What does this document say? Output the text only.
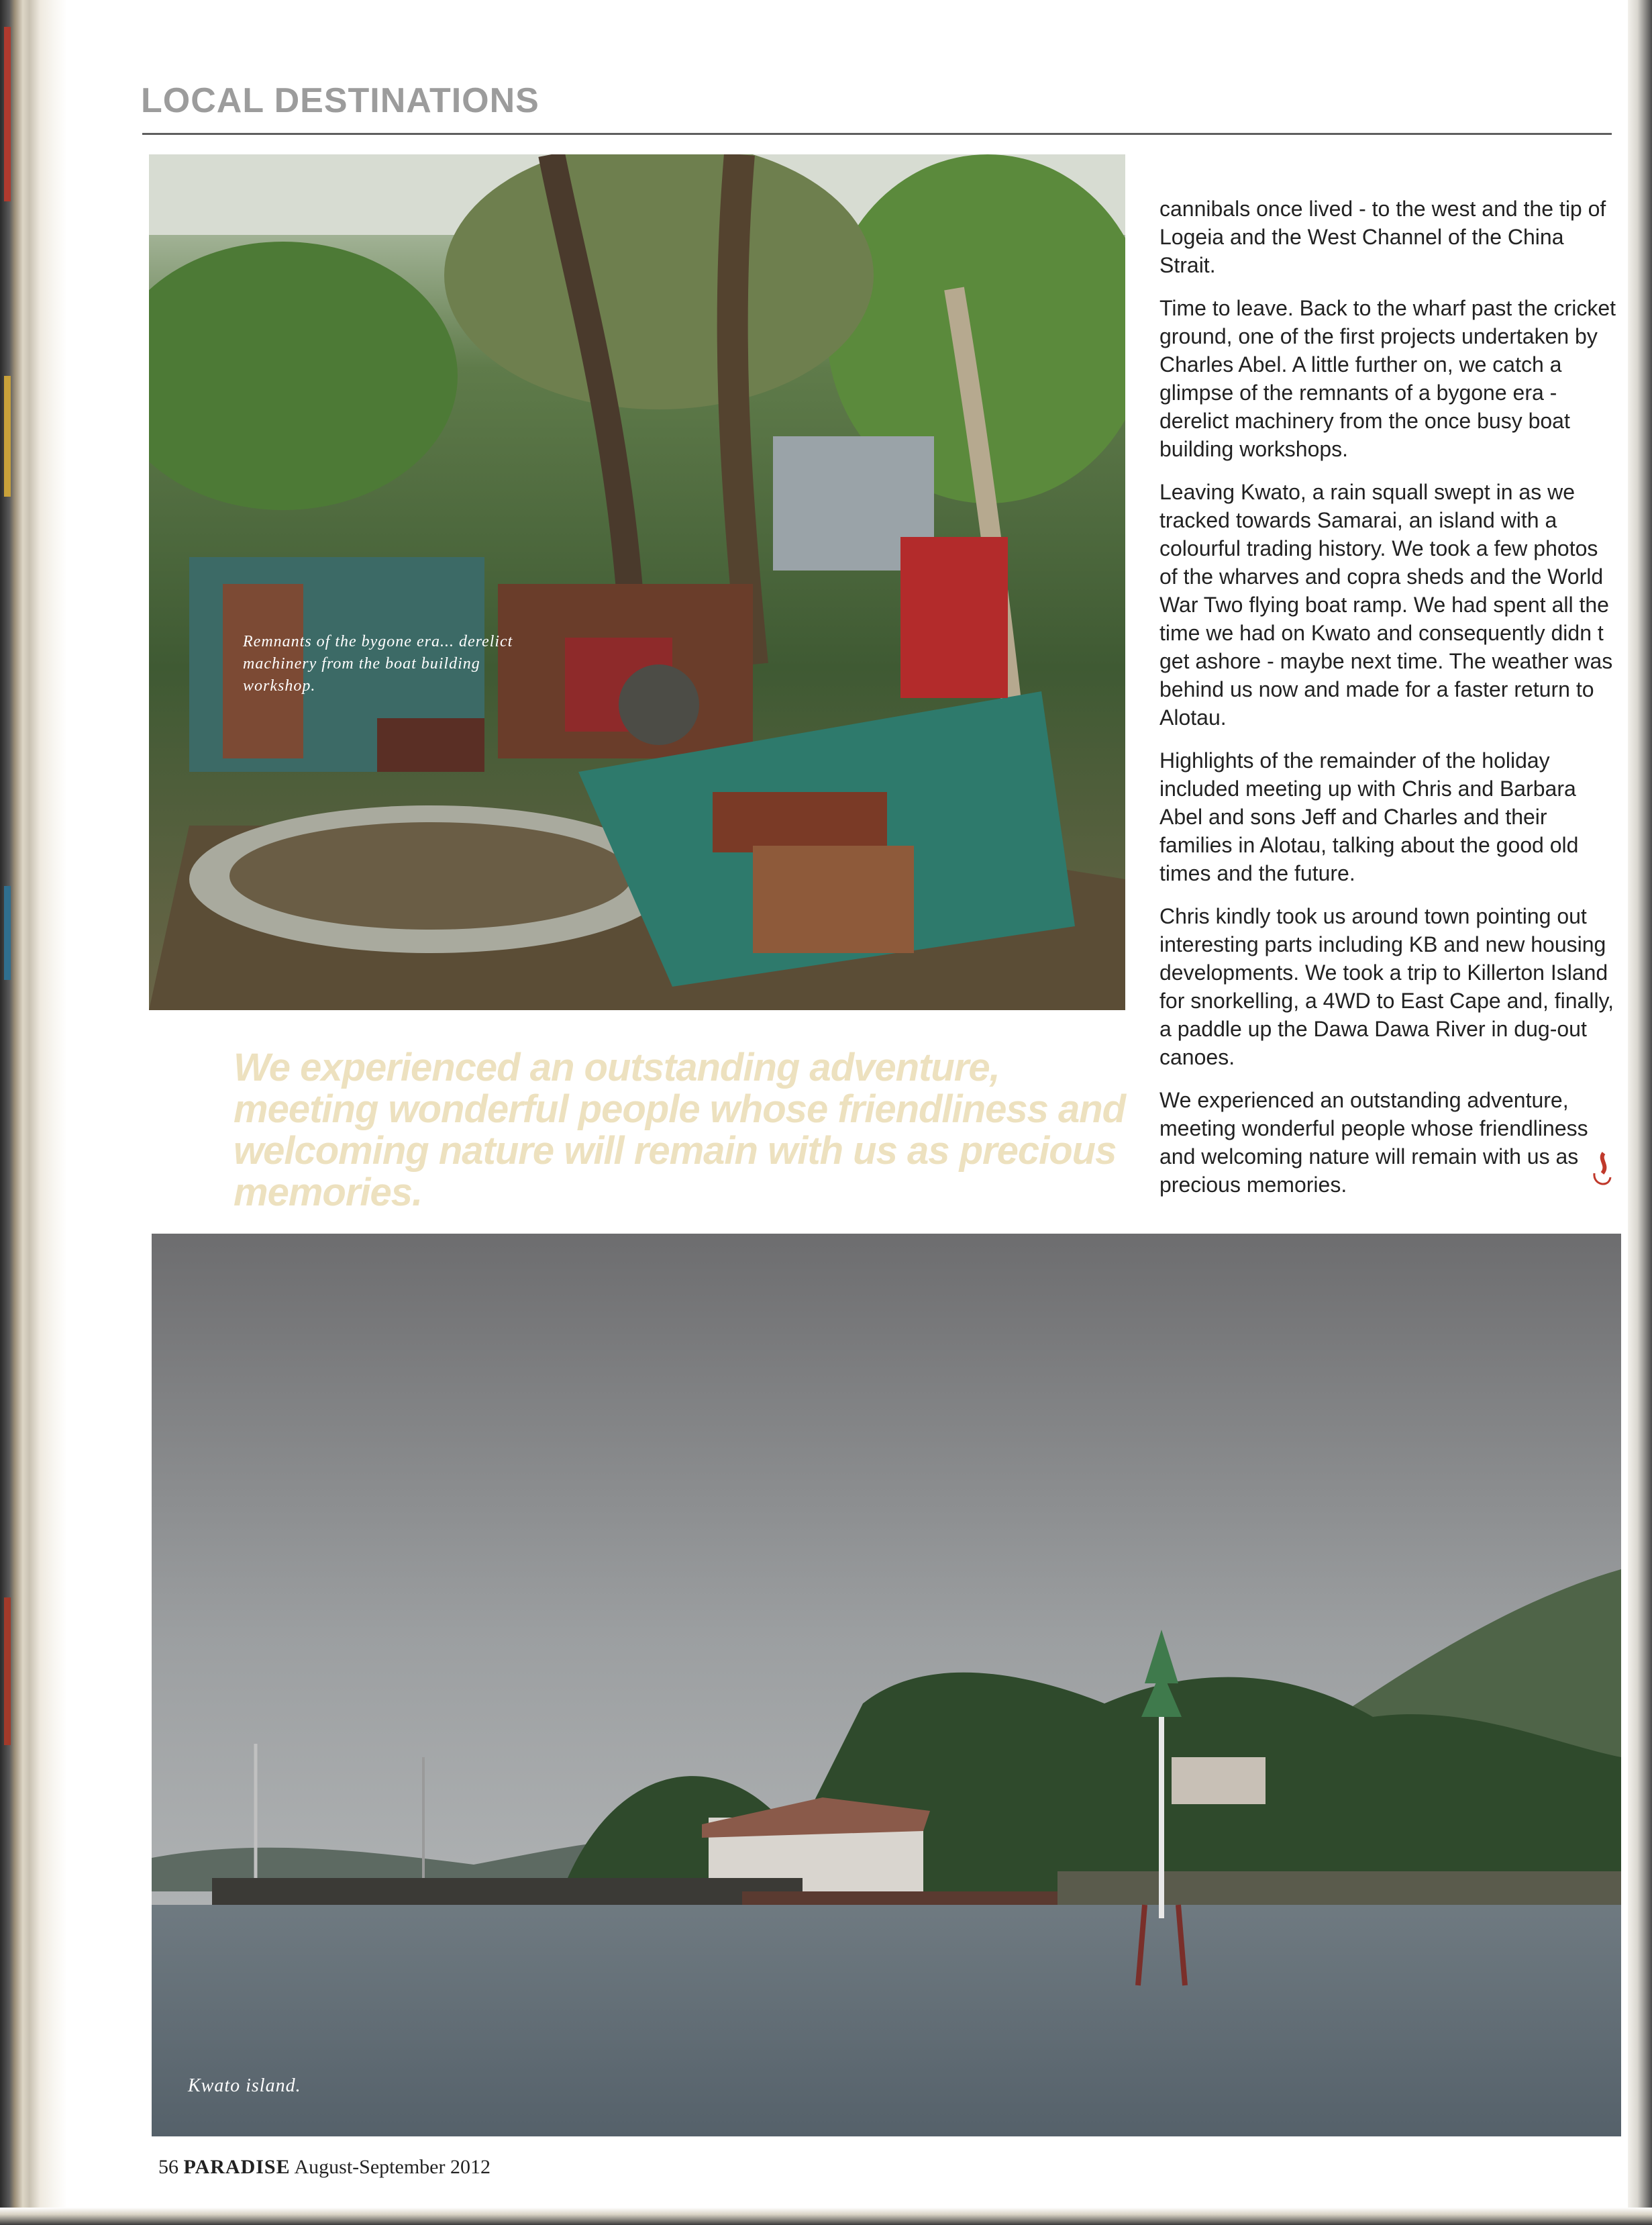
LOCAL DESTINATIONS
Remnants of the bygone era... derelict machinery from the boat building workshop.
We experienced an outstanding adventure, meeting wonderful people whose friendliness and welcoming nature will remain with us as precious memories.

cannibals once lived - to the west and the tip of Logeia and the West Channel of the China Strait.

Time to leave. Back to the wharf past the cricket ground, one of the first projects undertaken by Charles Abel. A little further on, we catch a glimpse of the remnants of a bygone era - derelict machinery from the once busy boat building workshops.

Leaving Kwato, a rain squall swept in as we tracked towards Samarai, an island with a colourful trading history. We took a few photos of the wharves and copra sheds and the World War Two flying boat ramp. We had spent all the time we had on Kwato and consequently didn t get ashore - maybe next time. The weather was behind us now and made for a faster return to Alotau.

Highlights of the remainder of the holiday included meeting up with Chris and Barbara Abel and sons Jeff and Charles and their families in Alotau, talking about the good old times and the future.

Chris kindly took us around town pointing out interesting parts including KB and new housing developments. We took a trip to Killerton Island for snorkelling, a 4WD to East Cape and, finally, a paddle up the Dawa Dawa River in dug-out canoes.

We experienced an outstanding adventure, meeting wonderful people whose friendliness and welcoming nature will remain with us as precious memories.

Kwato island.
56 PARADISE August-September 2012
